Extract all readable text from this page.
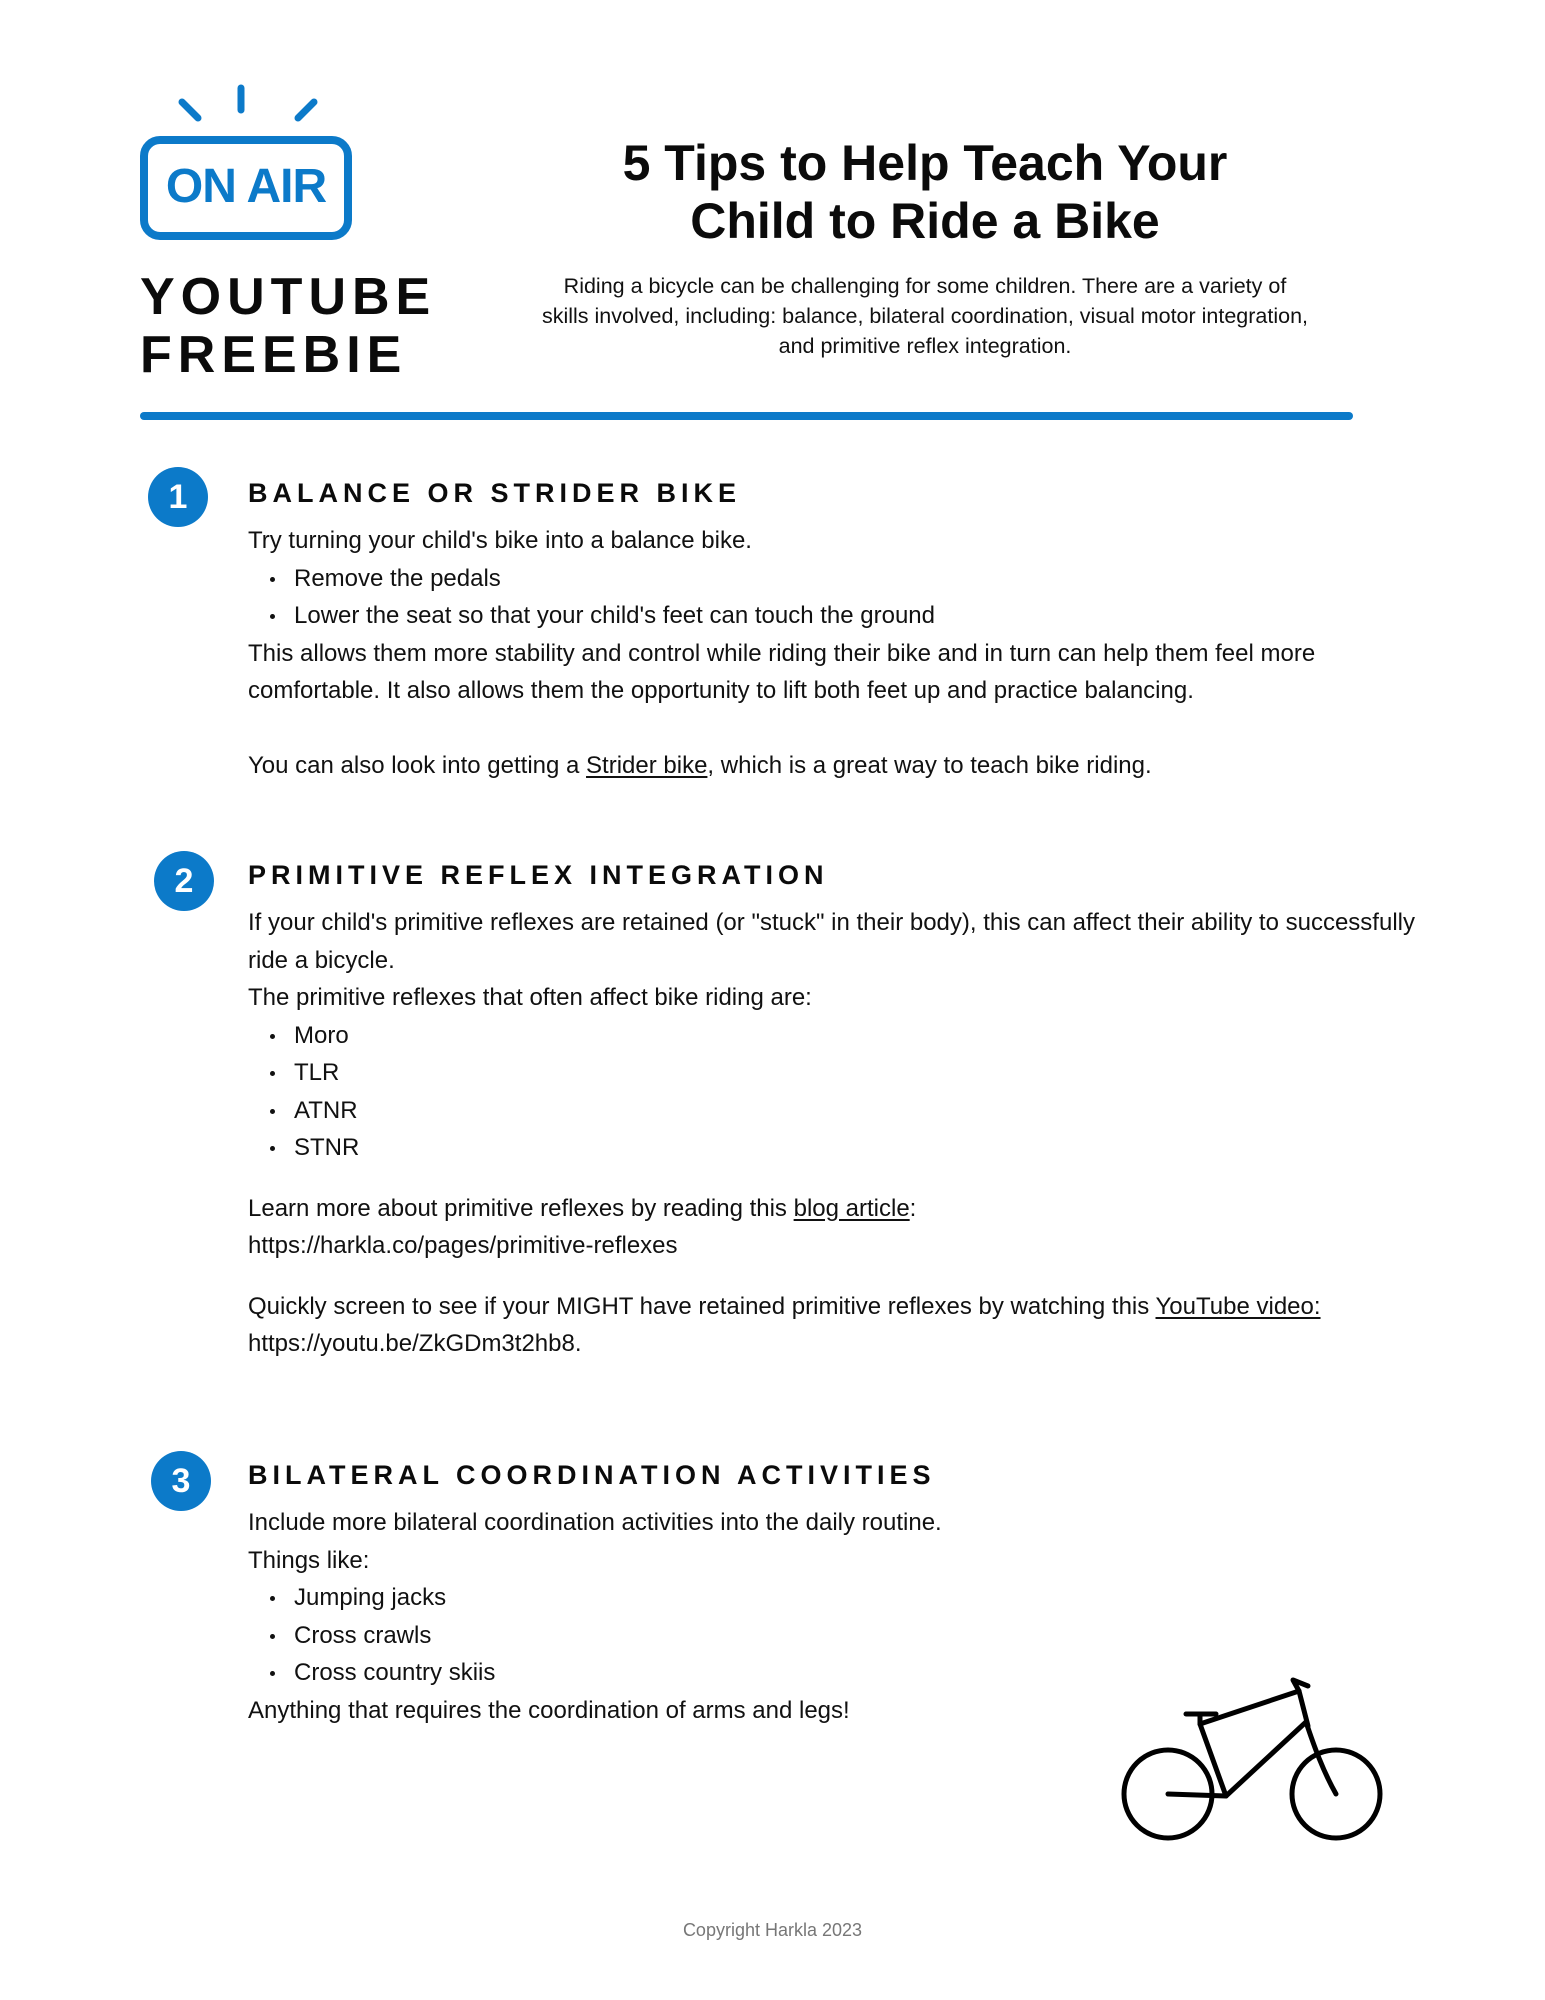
ON AIR
YOUTUBE
FREEBIE
5 Tips to Help Teach Your
Child to Ride a Bike
Riding a bicycle can be challenging for some children. There are a variety of skills involved, including: balance, bilateral coordination, visual motor integration, and primitive reflex integration.
1	BALANCE OR STRIDER BIKE

Try turning your child's bike into a balance bike.

Remove the pedals
Lower the seat so that your child's feet can touch the ground

This allows them more stability and control while riding their bike and in turn can help them feel more comfortable. It also allows them the opportunity to lift both feet up and practice balancing.

You can also look into getting a Strider bike, which is a great way to teach bike riding.

2	PRIMITIVE REFLEX INTEGRATION

If your child's primitive reflexes are retained (or "stuck" in their body), this can affect their ability to successfully ride a bicycle.

The primitive reflexes that often affect bike riding are:

Moro
TLR
ATNR
STNR

Learn more about primitive reflexes by reading this blog article:

https://harkla.co/pages/primitive-reflexes

Quickly screen to see if your MIGHT have retained primitive reflexes by watching this YouTube video:

https://youtu.be/ZkGDm3t2hb8.

3	BILATERAL COORDINATION ACTIVITIES

Include more bilateral coordination activities into the daily routine.

Things like:

Jumping jacks
Cross crawls
Cross country skiis

Anything that requires the coordination of arms and legs!

Copyright Harkla 2023
